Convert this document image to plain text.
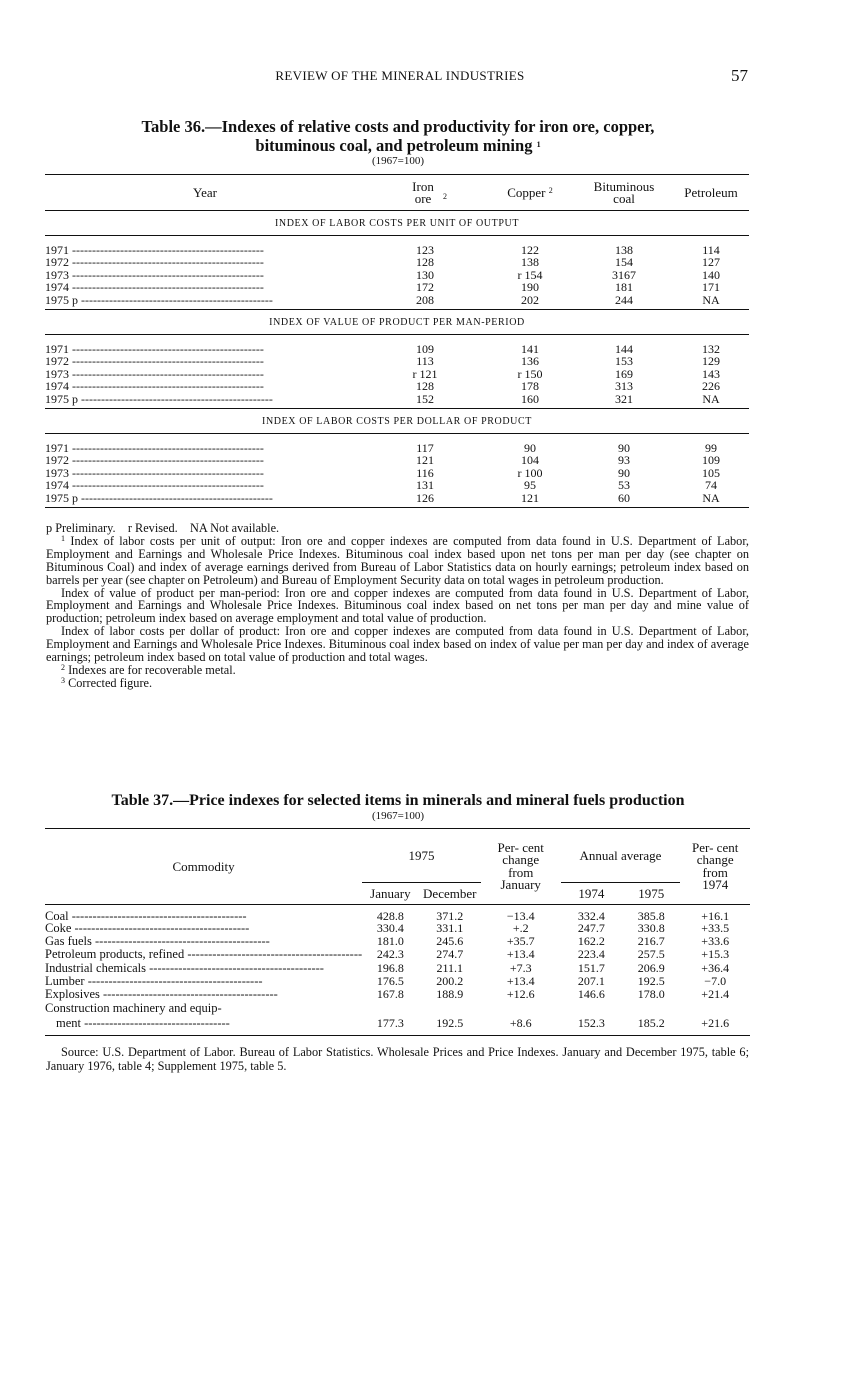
REVIEW OF THE MINERAL INDUSTRIES	57
Table 36.—Indexes of relative costs and productivity for iron ore, copper,
bituminous coal, and petroleum mining $^1$
(1967=100)
Year	Iron ore $^2$	Copper $^2$	Bituminous coal	Petroleum
INDEX OF LABOR COSTS PER UNIT OF OUTPUT				
1971 ------------------------------------------------	123	122	138	114
1972 ------------------------------------------------	128	138	154	127
1973 ------------------------------------------------	130	r 154	3167	140
1974 ------------------------------------------------	172	190	181	171
1975 p ------------------------------------------------	208	202	244	NA
INDEX OF VALUE OF PRODUCT PER MAN-PERIOD				
1971 ------------------------------------------------	109	141	144	132
1972 ------------------------------------------------	113	136	153	129
1973 ------------------------------------------------	r 121	r 150	169	143
1974 ------------------------------------------------	128	178	313	226
1975 p ------------------------------------------------	152	160	321	NA
INDEX OF LABOR COSTS PER DOLLAR OF PRODUCT				
1971 ------------------------------------------------	117	90	90	99
1972 ------------------------------------------------	121	104	93	109
1973 ------------------------------------------------	116	r 100	90	105
1974 ------------------------------------------------	131	95	53	74
1975 p ------------------------------------------------	126	121	60	NA

p Preliminary.    r Revised.    NA Not available.

$^1$ Index of labor costs per unit of output: Iron ore and copper indexes are computed from data found in U.S. Department of Labor, Employment and Earnings and Wholesale Price Indexes. Bituminous coal index based upon net tons per man per day (see chapter on Bituminous Coal) and index of average earnings derived from Bureau of Labor Statistics data on hourly earnings; petroleum index based on barrels per year (see chapter on Petroleum) and Bureau of Employment Security data on total wages in petroleum production.

Index of value of product per man-period: Iron ore and copper indexes are computed from data found in U.S. Department of Labor, Employment and Earnings and Wholesale Price Indexes. Bituminous coal index based on net tons per man per day and mine value of production; petroleum index based on average employment and total value of production.

Index of labor costs per dollar of product: Iron ore and copper indexes are computed from data found in U.S. Department of Labor, Employment and Earnings and Wholesale Price Indexes. Bituminous coal index based on index of value per man per day and index of average earnings; petroleum index based on total value of production and total wages.

$^2$ Indexes are for recoverable metal.

$^3$ Corrected figure.

Table 37.—Price indexes for selected items in minerals and mineral fuels production
(1967=100)
Commodity	1975		Per- cent change from January	Annual average		Per- cent change from 1974
	January	December		1974	1975	
Coal ------------------------------------------	428.8	371.2	−13.4	332.4	385.8	+16.1
Coke ------------------------------------------	330.4	331.1	+.2	247.7	330.8	+33.5
Gas fuels ------------------------------------------	181.0	245.6	+35.7	162.2	216.7	+33.6
Petroleum products, refined ------------------------------------------	242.3	274.7	+13.4	223.4	257.5	+15.3
Industrial chemicals ------------------------------------------	196.8	211.1	+7.3	151.7	206.9	+36.4
Lumber ------------------------------------------	176.5	200.2	+13.4	207.1	192.5	−7.0
Explosives ------------------------------------------	167.8	188.9	+12.6	146.6	178.0	+21.4
Construction machinery and equip-						
ment -----------------------------------	177.3	192.5	+8.6	152.3	185.2	+21.6
Source: U.S. Department of Labor. Bureau of Labor Statistics. Wholesale Prices and Price Indexes. January and December 1975, table 6; January 1976, table 4; Supplement 1975, table 5.
